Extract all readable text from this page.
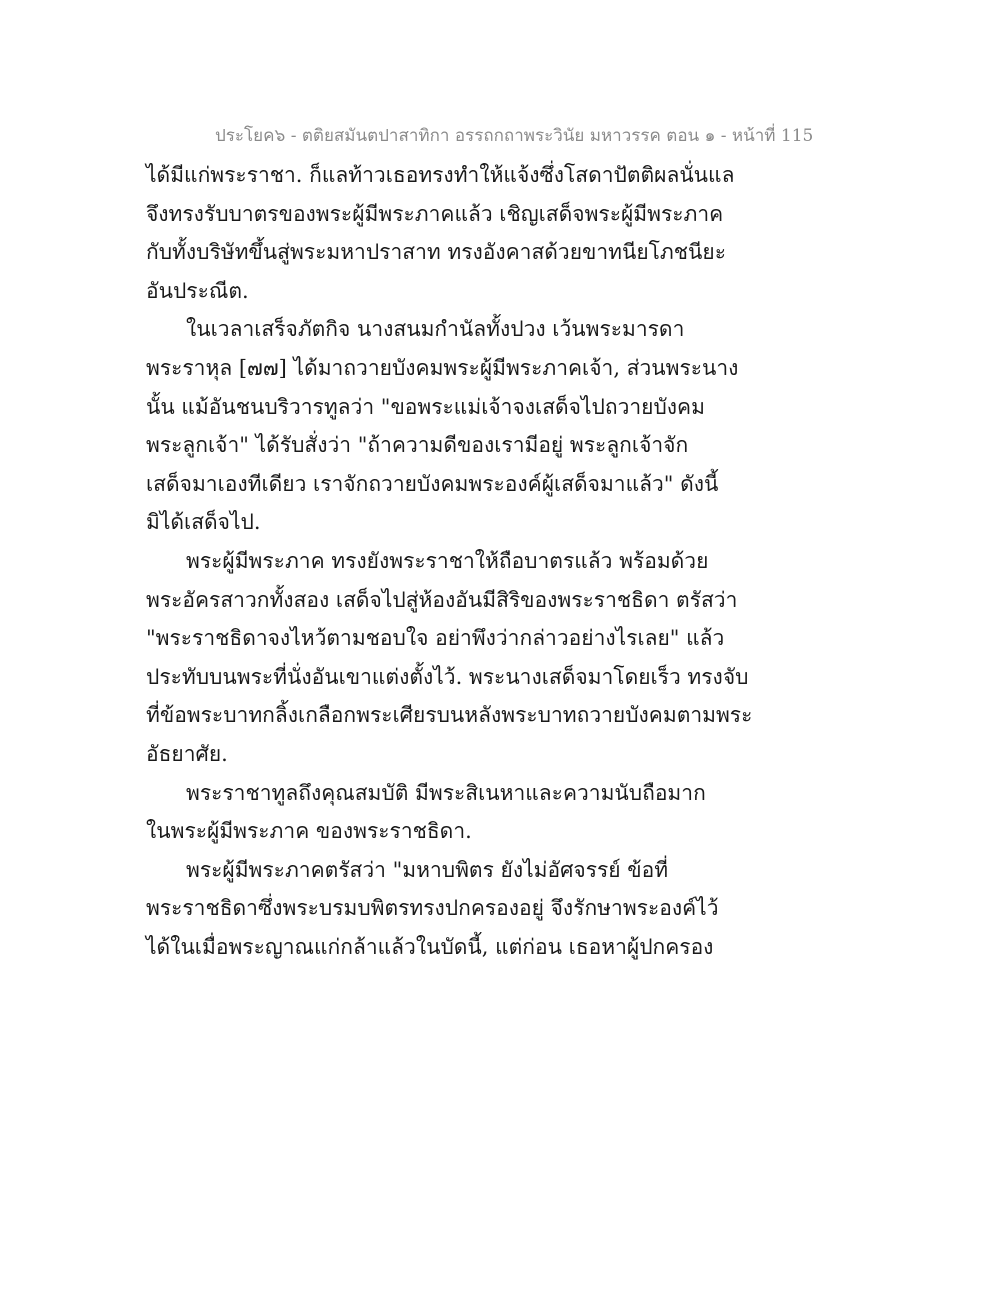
ประโยค๖ - ตติยสมันตปาสาทิกา อรรถกถาพระวินัย มหาวรรค ตอน ๑ - หน้าที่ 115
ได้มีแก่พระราชา. ก็แลท้าวเธอทรงทำให้แจ้งซึ่งโสดาปัตติผลนั่นแล
จึงทรงรับบาตรของพระผู้มีพระภาคแล้ว เชิญเสด็จพระผู้มีพระภาค
กับทั้งบริษัทขึ้นสู่พระมหาปราสาท ทรงอังคาสด้วยขาทนียโภชนียะ
อันประณีต.
ในเวลาเสร็จภัตกิจ นางสนมกำนัลทั้งปวง เว้นพระมารดา
พระราหุล [๗๗] ได้มาถวายบังคมพระผู้มีพระภาคเจ้า, ส่วนพระนาง
นั้น แม้อันชนบริวารทูลว่า "ขอพระแม่เจ้าจงเสด็จไปถวายบังคม
พระลูกเจ้า" ได้รับสั่งว่า "ถ้าความดีของเรามีอยู่ พระลูกเจ้าจัก
เสด็จมาเองทีเดียว เราจักถวายบังคมพระองค์ผู้เสด็จมาแล้ว" ดังนี้
มิได้เสด็จไป.
พระผู้มีพระภาค ทรงยังพระราชาให้ถือบาตรแล้ว พร้อมด้วย
พระอัครสาวกทั้งสอง เสด็จไปสู่ห้องอันมีสิริของพระราชธิดา ตรัสว่า
"พระราชธิดาจงไหว้ตามชอบใจ อย่าพึงว่ากล่าวอย่างไรเลย" แล้ว
ประทับบนพระที่นั่งอันเขาแต่งตั้งไว้. พระนางเสด็จมาโดยเร็ว ทรงจับ
ที่ข้อพระบาทกลิ้งเกลือกพระเศียรบนหลังพระบาทถวายบังคมตามพระ
อัธยาศัย.
พระราชาทูลถึงคุณสมบัติ มีพระสิเนหาและความนับถือมาก
ในพระผู้มีพระภาค ของพระราชธิดา.
พระผู้มีพระภาคตรัสว่า "มหาบพิตร ยังไม่อัศจรรย์ ข้อที่
พระราชธิดาซึ่งพระบรมบพิตรทรงปกครองอยู่ จึงรักษาพระองค์ไว้
ได้ในเมื่อพระญาณแก่กล้าแล้วในบัดนี้, แต่ก่อน เธอหาผู้ปกครอง
